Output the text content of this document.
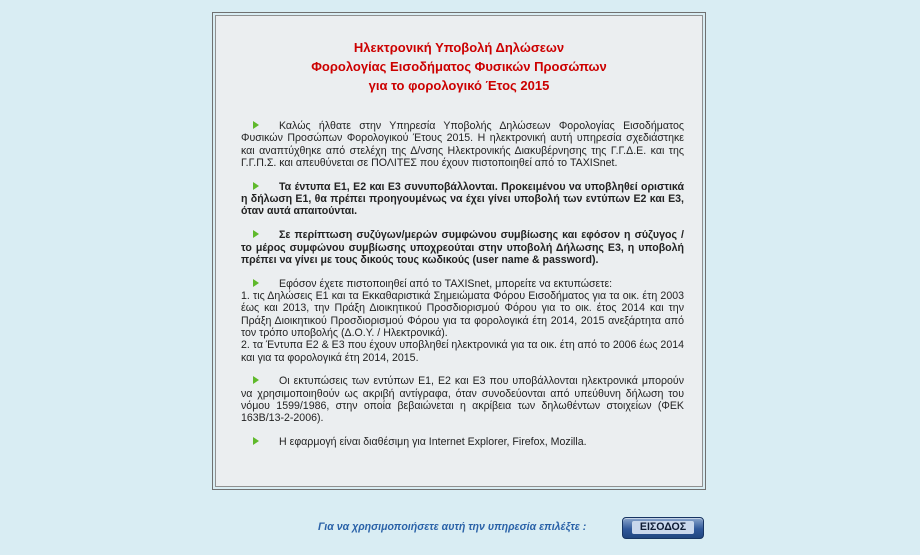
Ηλεκτρονική Υποβολή Δηλώσεων
Φορολογίας Εισοδήματος Φυσικών Προσώπων
για το φορολογικό Έτος 2015
Καλώς ήλθατε στην Υπηρεσία Υποβολής Δηλώσεων Φορολογίας Εισοδήματος Φυσικών Προσώπων Φορολογικού Έτους 2015. Η ηλεκτρονική αυτή υπηρεσία σχεδιάστηκε και αναπτύχθηκε από στελέχη της Δ/νσης Ηλεκτρονικής Διακυβέρνησης της Γ.Γ.Δ.Ε. και της Γ.Γ.Π.Σ. και απευθύνεται σε ΠΟΛΙΤΕΣ που έχουν πιστοποιηθεί από το TAXISnet.
Τα έντυπα Ε1, Ε2 και Ε3 συνυποβάλλονται. Προκειμένου να υποβληθεί οριστικά η δήλωση Ε1, θα πρέπει προηγουμένως να έχει γίνει υποβολή των εντύπων Ε2 και Ε3, όταν αυτά απαιτούνται.
Σε περίπτωση συζύγων/μερών συμφώνου συμβίωσης και εφόσον η σύζυγος / το μέρος συμφώνου συμβίωσης υποχρεούται στην υποβολή Δήλωσης Ε3, η υποβολή πρέπει να γίνει με τους δικούς τους κωδικούς (user name & password).
Εφόσον έχετε πιστοποιηθεί από το TAXISnet, μπορείτε να εκτυπώσετε:
1. τις Δηλώσεις Ε1 και τα Εκκαθαριστικά Σημειώματα Φόρου Εισοδήματος για τα οικ. έτη 2003 έως και 2013, την Πράξη Διοικητικού Προσδιορισμού Φόρου για το οικ. έτος 2014 και την Πράξη Διοικητικού Προσδιορισμού Φόρου για τα φορολογικά έτη 2014, 2015 ανεξάρτητα από τον τρόπο υποβολής (Δ.Ο.Υ. / Ηλεκτρονικά).
2. τα Έντυπα Ε2 & Ε3 που έχουν υποβληθεί ηλεκτρονικά για τα οικ. έτη από το 2006 έως 2014 και για τα φορολογικά έτη 2014, 2015.
Οι εκτυπώσεις των εντύπων Ε1, Ε2 και Ε3 που υποβάλλονται ηλεκτρονικά μπορούν να χρησιμοποιηθούν ως ακριβή αντίγραφα, όταν συνοδεύονται από υπεύθυνη δήλωση του νόμου 1599/1986, στην οποία βεβαιώνεται η ακρίβεια των δηλωθέντων στοιχείων (ΦΕΚ 163Β/13-2-2006).
Η εφαρμογή είναι διαθέσιμη για Internet Explorer, Firefox, Mozilla.
Για να χρησιμοποιήσετε αυτή την υπηρεσία επιλέξτε :	ΕΙΣΟΔΟΣ
